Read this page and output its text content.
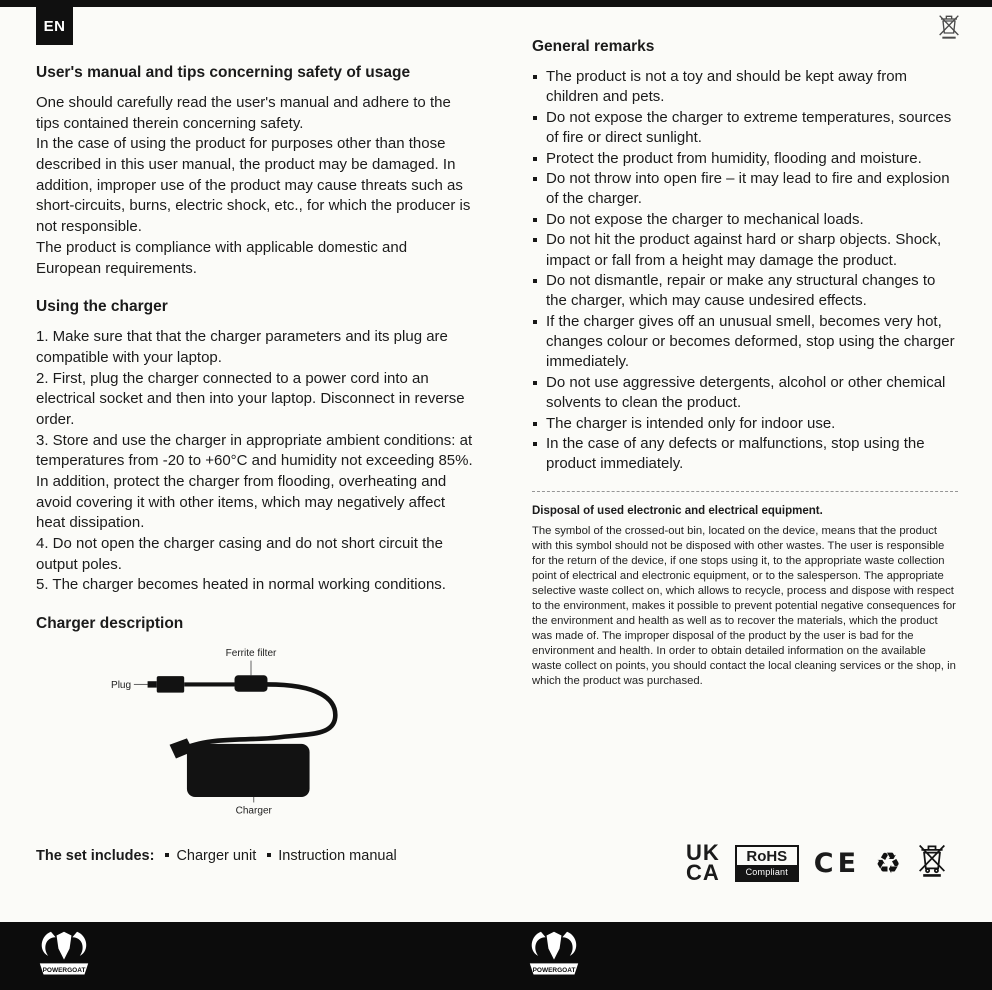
EN
User's manual and tips concerning safety of usage

One should carefully read the user's manual and adhere to the tips contained therein concerning safety.

In the case of using the product for purposes other than those described in this user manual, the product may be damaged. In addition, improper use of the product may cause threats such as short-circuits, burns, electric shock, etc., for which the producer is not responsible.

The product is compliance with applicable domestic and European requirements.

Using the charger

1. Make sure that that the charger parameters and its plug are compatible with your laptop.

2. First, plug the charger connected to a power cord into an electrical socket and then into your laptop. Disconnect in reverse order.

3. Store and use the charger in appropriate ambient conditions: at temperatures from -20 to +60°C and humidity not exceeding 85%. In addition, protect the charger from flooding, overheating and avoid covering it with other items, which may negatively affect heat dissipation.

4. Do not open the charger casing and do not short circuit the output poles.

5. The charger becomes heated in normal working conditions.

Charger description
Ferrite filter
Plug
Charger
The set includes: Charger unit Instruction manual
General remarks
The product is not a toy and should be kept away from children and pets.
Do not expose the charger to extreme temperatures, sources of fire or direct sunlight.
Protect the product from humidity, flooding and moisture.
Do not throw into open fire – it may lead to fire and explosion of the charger.
Do not expose the charger to mechanical loads.
Do not hit the product against hard or sharp objects. Shock, impact or fall from a height may damage the product.
Do not dismantle, repair or make any structural changes to the charger, which may cause undesired effects.
If the charger gives off an unusual smell, becomes very hot, changes colour or becomes deformed, stop using the charger immediately.
Do not use aggressive detergents, alcohol or other chemical solvents to clean the product.
The charger is intended only for indoor use.
In the case of any defects or malfunctions, stop using the product immediately.

Disposal of used electronic and electrical equipment.

The symbol of the crossed-out bin, located on the device, means that the product with this symbol should not be disposed with other wastes. The user is responsible for the return of the device, if one stops using it, to the appropriate waste collection point of electrical and electronic equipment, or to the salesperson. The appropriate selective waste collect on, which allows to recycle, process and dispose with respect to the environment, makes it possible to prevent potential negative consequences for the environment and health as well as to recover the materials, which the product was made of. The improper disposal of the product by the user is bad for the environment and health. In order to obtain detailed information on the available waste collect on points, you should contact the local cleaning services or the shop, in which the product was purchased.

UK
CA
RoHS
Compliant CE ♻
POWERGOAT	POWERGOAT
